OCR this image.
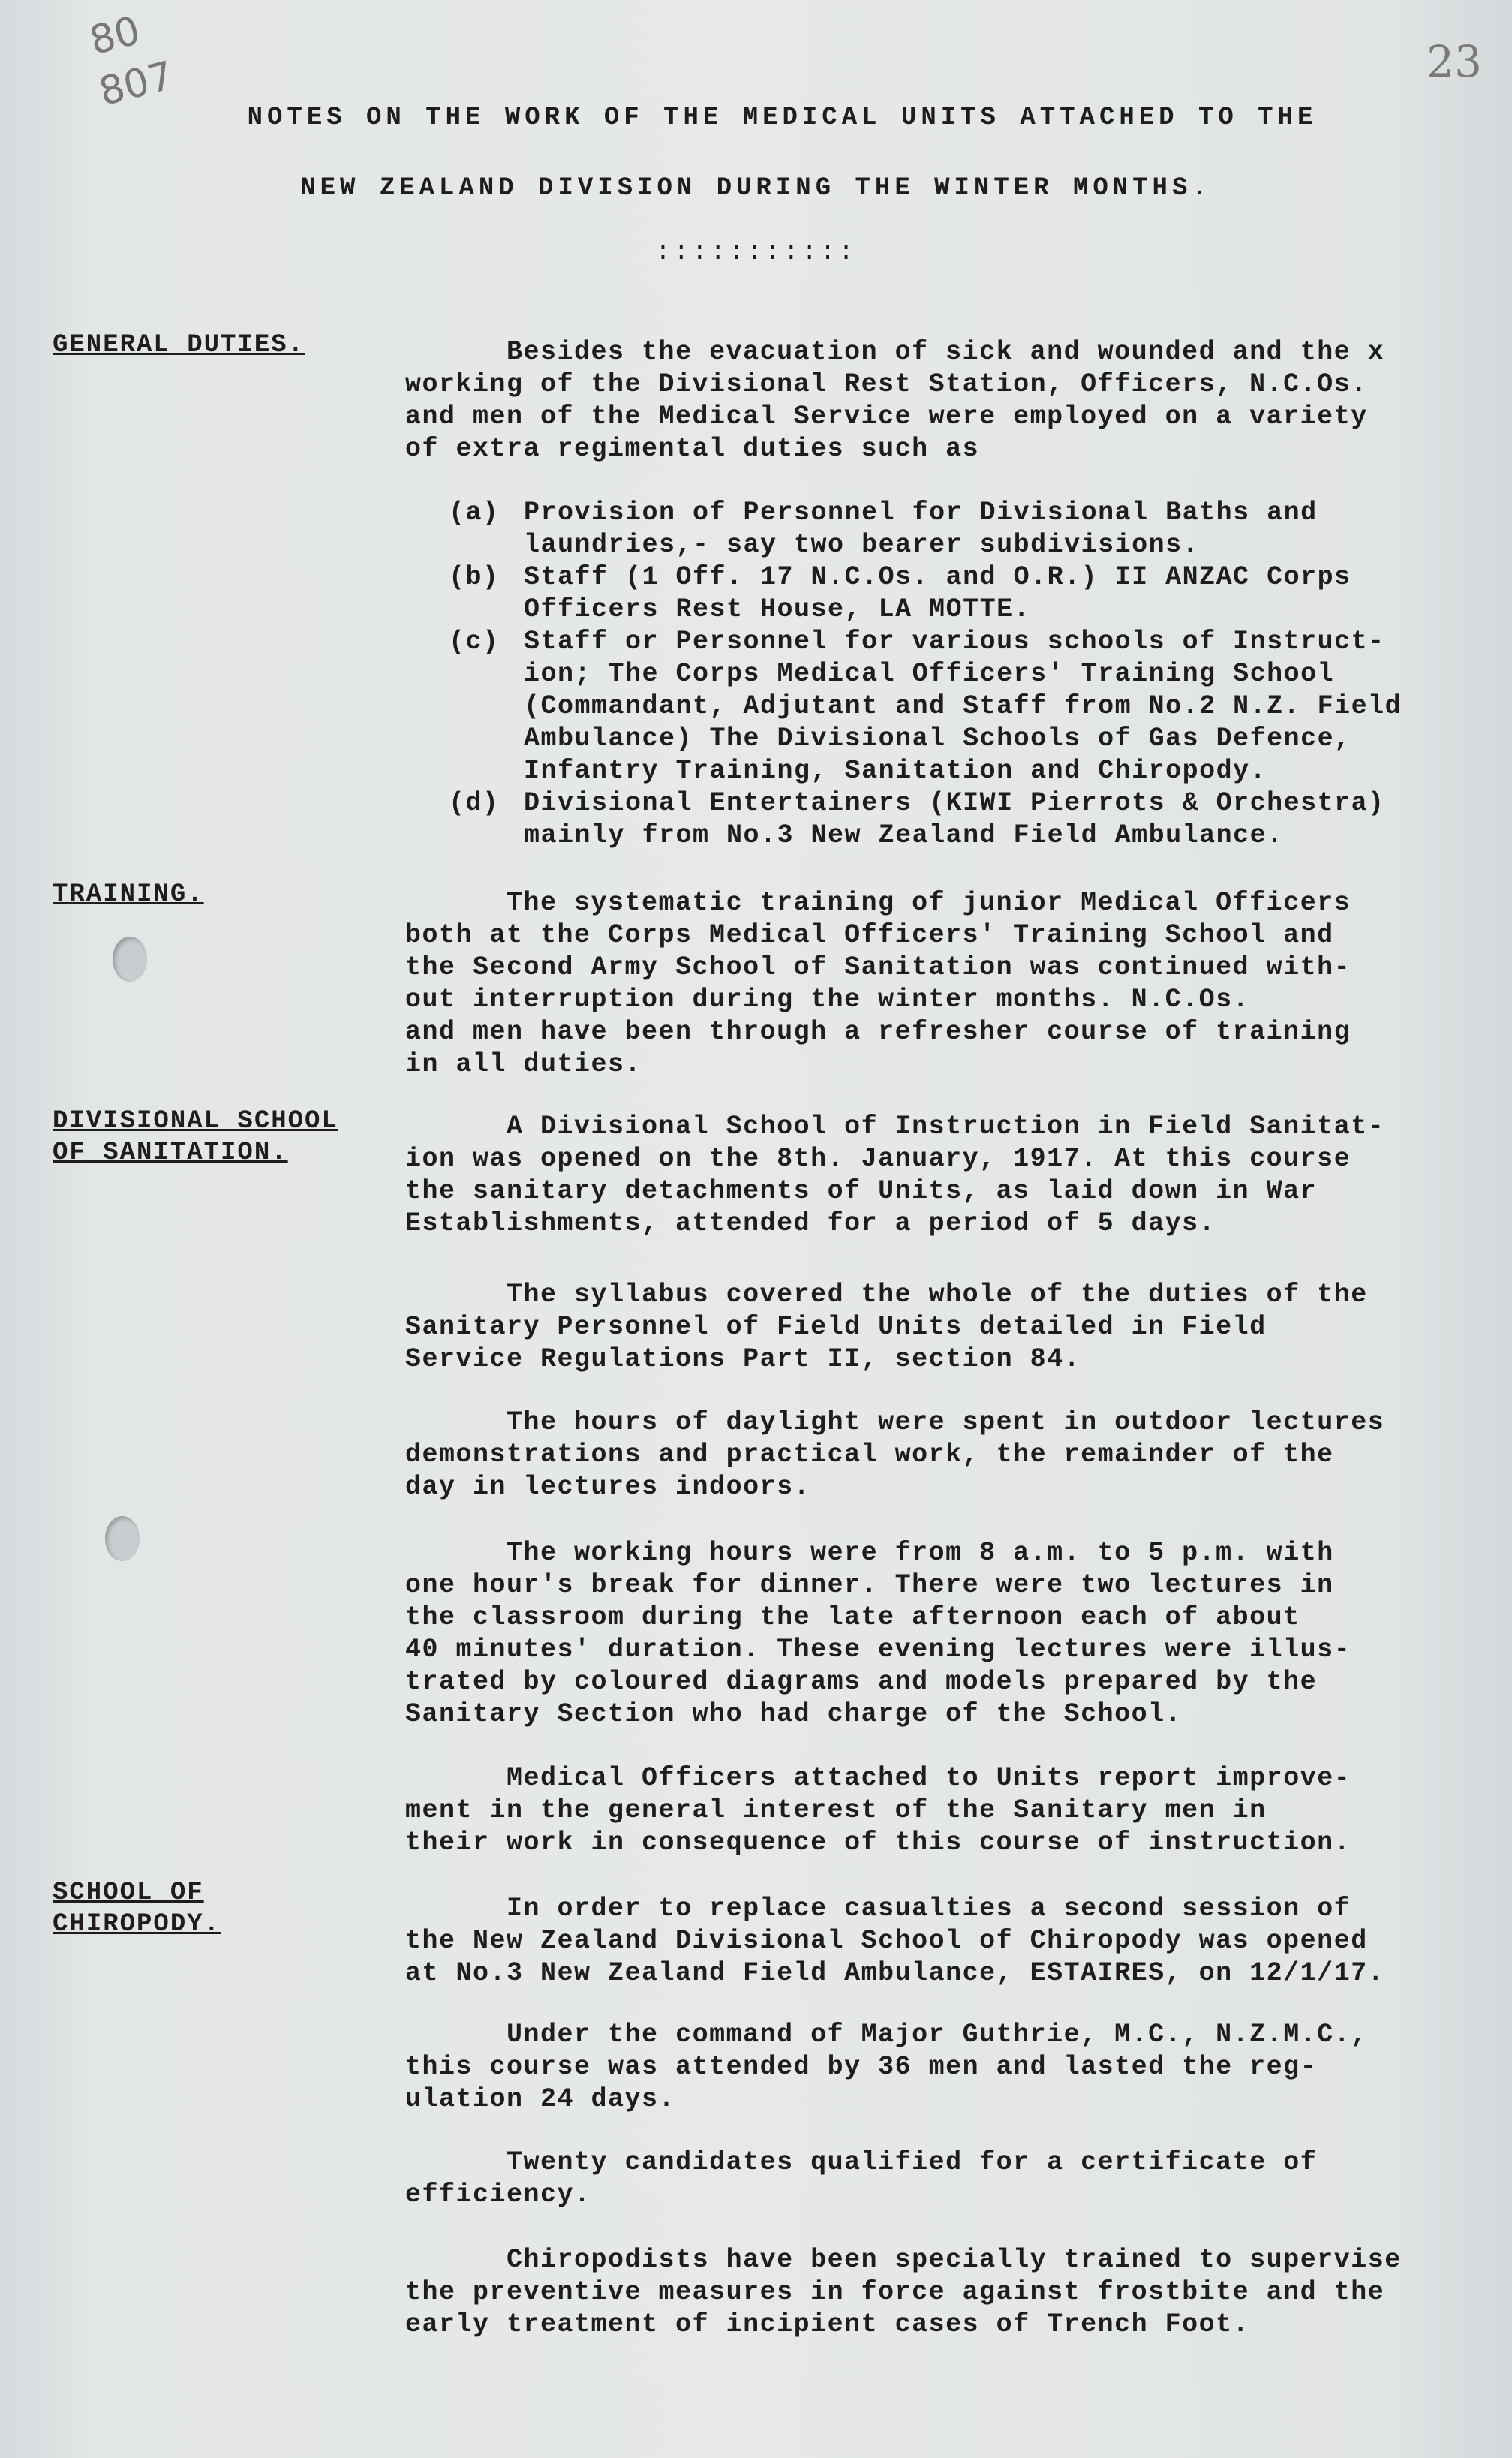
80
807	23
NOTES ON THE WORK OF THE MEDICAL UNITS ATTACHED TO THE
NEW ZEALAND DIVISION DURING THE WINTER MONTHS.
:::::::::::
GENERAL DUTIES.	Besides the evacuation of sick and wounded and the x
working of the Divisional Rest Station, Officers, N.C.Os.
and men of the Medical Service were employed on a variety
of extra regimental duties such as
(a) Provision of Personnel for Divisional Baths and
laundries,- say two bearer subdivisions.
(b) Staff (1 Off. 17 N.C.Os. and O.R.) II ANZAC Corps
Officers Rest House, LA MOTTE.
(c) Staff or Personnel for various schools of Instruct-
ion; The Corps Medical Officers' Training School
(Commandant, Adjutant and Staff from No.2 N.Z. Field
Ambulance) The Divisional Schools of Gas Defence,
Infantry Training, Sanitation and Chiropody.
(d) Divisional Entertainers (KIWI Pierrots & Orchestra)
mainly from No.3 New Zealand Field Ambulance.
TRAINING.	The systematic training of junior Medical Officers
both at the Corps Medical Officers' Training School and
the Second Army School of Sanitation was continued with-
out interruption during the winter months. N.C.Os.
and men have been through a refresher course of training
in all duties.
DIVISIONAL SCHOOL
OF SANITATION.
A Divisional School of Instruction in Field Sanitat-
ion was opened on the 8th. January, 1917. At this course
the sanitary detachments of Units, as laid down in War
Establishments, attended for a period of 5 days.
The syllabus covered the whole of the duties of the
Sanitary Personnel of Field Units detailed in Field
Service Regulations Part II, section 84.
The hours of daylight were spent in outdoor lectures
demonstrations and practical work, the remainder of the
day in lectures indoors.
The working hours were from 8 a.m. to 5 p.m. with
one hour's break for dinner. There were two lectures in
the classroom during the late afternoon each of about
40 minutes' duration. These evening lectures were illus-
trated by coloured diagrams and models prepared by the
Sanitary Section who had charge of the School.
Medical Officers attached to Units report improve-
ment in the general interest of the Sanitary men in
their work in consequence of this course of instruction.
SCHOOL OF
CHIROPODY.
In order to replace casualties a second session of
the New Zealand Divisional School of Chiropody was opened
at No.3 New Zealand Field Ambulance, ESTAIRES, on 12/1/17.
Under the command of Major Guthrie, M.C., N.Z.M.C.,
this course was attended by 36 men and lasted the reg-
ulation 24 days.
Twenty candidates qualified for a certificate of
efficiency.
Chiropodists have been specially trained to supervise
the preventive measures in force against frostbite and the
early treatment of incipient cases of Trench Foot.
